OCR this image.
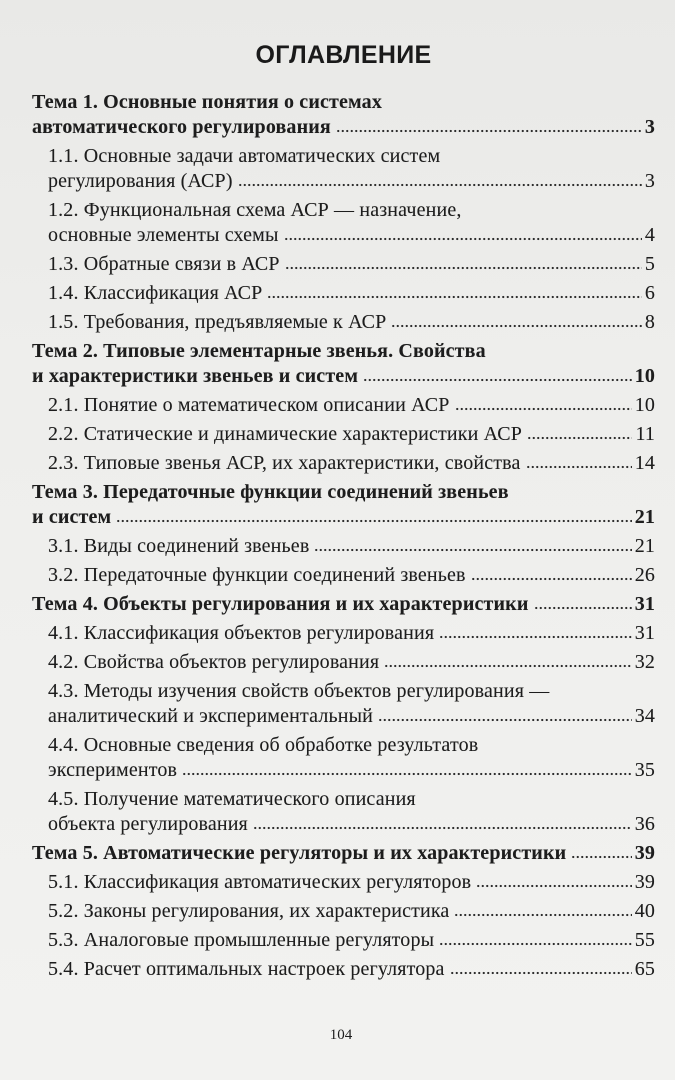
ОГЛАВЛЕНИЕ
Тема 1. Основные понятия о системах
автоматического регулирования	3
1.1. Основные задачи автоматических систем
регулирования (АСР)	3
1.2. Функциональная схема АСР — назначение,
основные элементы схемы	4
1.3. Обратные связи в АСР	5
1.4. Классификация АСР	6
1.5. Требования, предъявляемые к АСР	8
Тема 2. Типовые элементарные звенья. Свойства
и характеристики звеньев и систем	10
2.1. Понятие о математическом описании АСР	10
2.2. Статические и динамические характеристики АСР	11
2.3. Типовые звенья АСР, их характеристики, свойства	14
Тема 3. Передаточные функции соединений звеньев
и систем	21
3.1. Виды соединений звеньев	21
3.2. Передаточные функции соединений звеньев	26
Тема 4. Объекты регулирования и их характеристики	31
4.1. Классификация объектов регулирования	31
4.2. Свойства объектов регулирования	32
4.3. Методы изучения свойств объектов регулирования —
аналитический и экспериментальный	34
4.4. Основные сведения об обработке результатов
экспериментов	35
4.5. Получение математического описания
объекта регулирования	36
Тема 5. Автоматические регуляторы и их характеристики	39
5.1. Классификация автоматических регуляторов	39
5.2. Законы регулирования, их характеристика	40
5.3. Аналоговые промышленные регуляторы	55
5.4. Расчет оптимальных настроек регулятора	65
104
